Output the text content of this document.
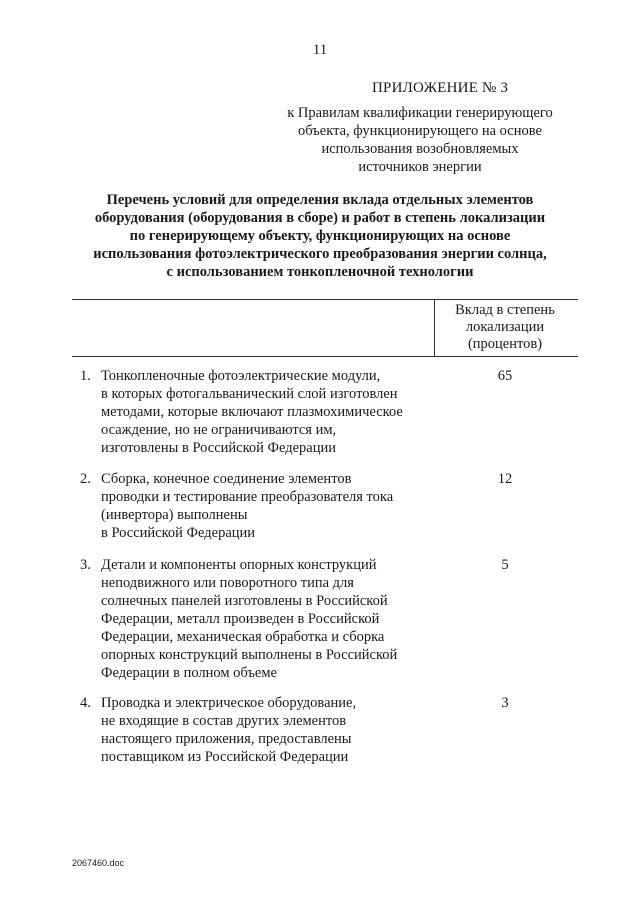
11
ПРИЛОЖЕНИЕ № 3
к Правилам квалификации генерирующего
объекта, функционирующего на основе
использования возобновляемых
источников энергии
Перечень условий для определения вклада отдельных элементов
оборудования (оборудования в сборе) и работ в степень локализации
по генерирующему объекту, функционирующих на основе
использования фотоэлектрического преобразования энергии солнца,
с использованием тонкопленочной технологии
Вклад в степень
локализации
(процентов)
1. Тонкопленочные фотоэлектрические модули,
в которых фотогальванический слой изготовлен
методами, которые включают плазмохимическое
осаждение, но не ограничиваются им,
изготовлены в Российской Федерации
65
2. Сборка, конечное соединение элементов
проводки и тестирование преобразователя тока
(инвертора) выполнены
в Российской Федерации
12
3. Детали и компоненты опорных конструкций
неподвижного или поворотного типа для
солнечных панелей изготовлены в Российской
Федерации, металл произведен в Российской
Федерации, механическая обработка и сборка
опорных конструкций выполнены в Российской
Федерации в полном объеме
5
4. Проводка и электрическое оборудование,
не входящие в состав других элементов
настоящего приложения, предоставлены
поставщиком из Российской Федерации
3
2067460.doc
